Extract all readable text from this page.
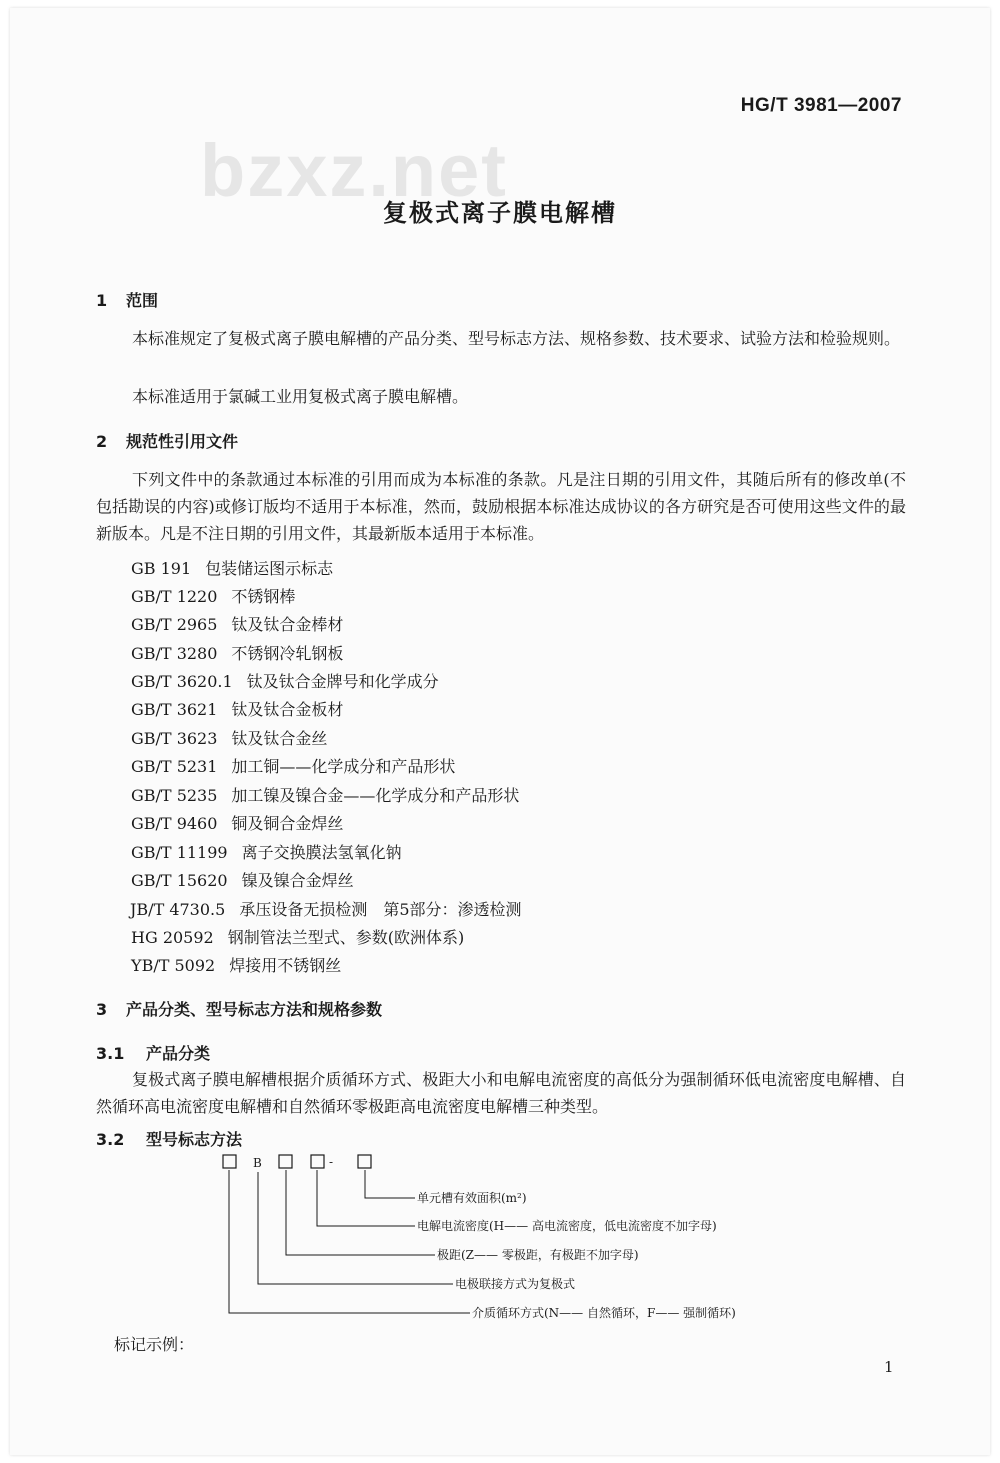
bzxz.net
HG/T 3981—2007
复极式离子膜电解槽
1 范围
本标准规定了复极式离子膜电解槽的产品分类、型号标志方法、规格参数、技术要求、试验方法和检验规则。
本标准适用于氯碱工业用复极式离子膜电解槽。
2 规范性引用文件
下列文件中的条款通过本标准的引用而成为本标准的条款。凡是注日期的引用文件，其随后所有的修改单(不包括勘误的内容)或修订版均不适用于本标准，然而，鼓励根据本标准达成协议的各方研究是否可使用这些文件的最新版本。凡是不注日期的引用文件，其最新版本适用于本标准。
GB 191 包装储运图示标志
GB/T 1220 不锈钢棒
GB/T 2965 钛及钛合金棒材
GB/T 3280 不锈钢冷轧钢板
GB/T 3620.1 钛及钛合金牌号和化学成分
GB/T 3621 钛及钛合金板材
GB/T 3623 钛及钛合金丝
GB/T 5231 加工铜——化学成分和产品形状
GB/T 5235 加工镍及镍合金——化学成分和产品形状
GB/T 9460 铜及铜合金焊丝
GB/T 11199 离子交换膜法氢氧化钠
GB/T 15620 镍及镍合金焊丝
JB/T 4730.5 承压设备无损检测　第5部分：渗透检测
HG 20592 钢制管法兰型式、参数(欧洲体系)
YB/T 5092 焊接用不锈钢丝
3 产品分类、型号标志方法和规格参数
3.1 产品分类
复极式离子膜电解槽根据介质循环方式、极距大小和电解电流密度的高低分为强制循环低电流密度电解槽、自然循环高电流密度电解槽和自然循环零极距高电流密度电解槽三种类型。
3.2 型号标志方法
B	-
单元槽有效面积(m²)
电解电流密度(H—— 高电流密度，低电流密度不加字母)
极距(Z—— 零极距，有极距不加字母)
电极联接方式为复极式
介质循环方式(N—— 自然循环，F—— 强制循环)
标记示例：
1
